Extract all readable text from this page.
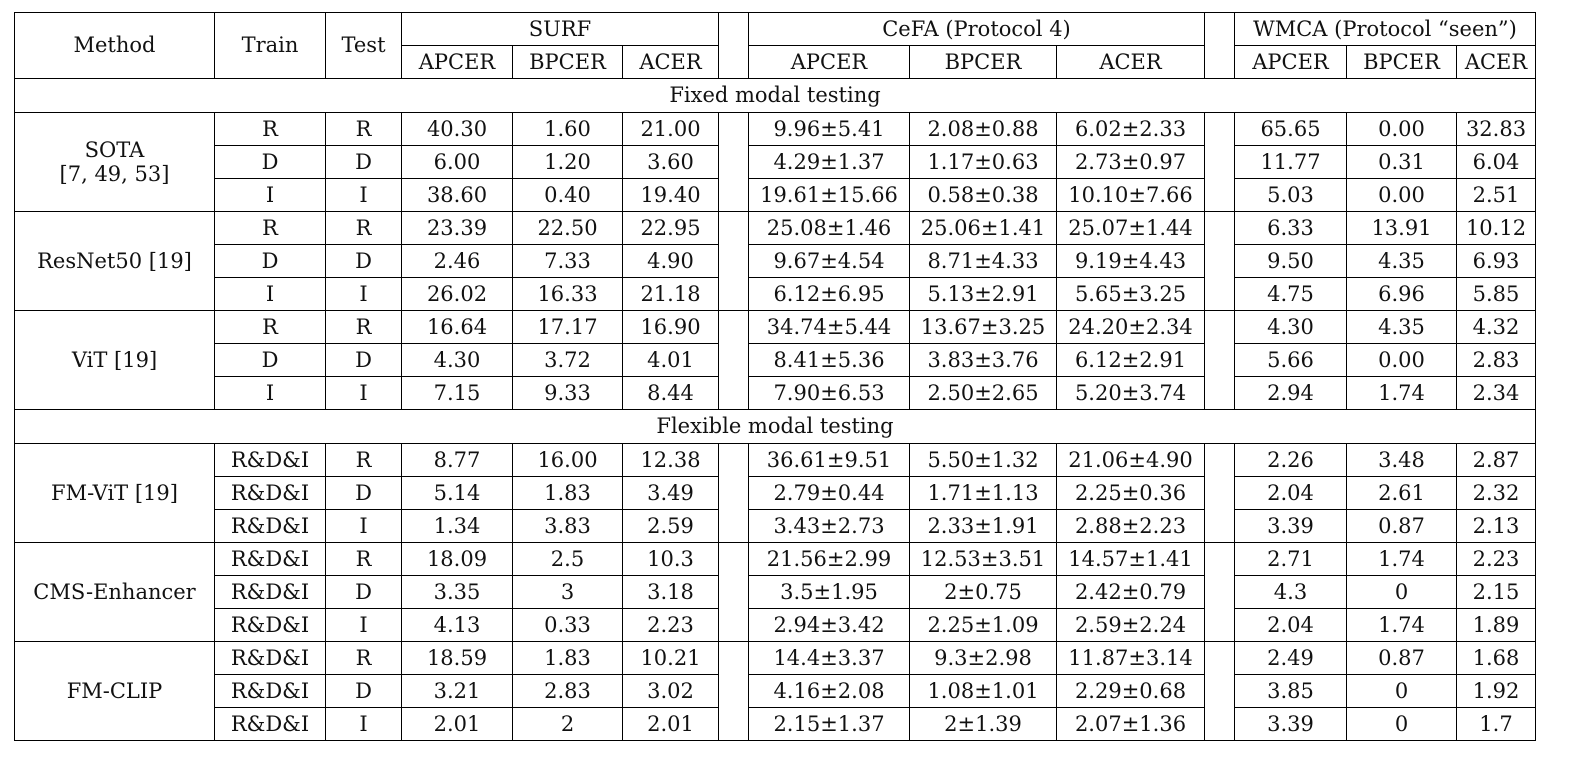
Method	Train	Test	SURF				CeFA (Protocol 4)				WMCA (Protocol “seen”)		
			APCER	BPCER	ACER		APCER	BPCER	ACER		APCER	BPCER	ACER
Fixed modal testing													

SOTA
[7, 49, 53]	R	R	40.30	1.60	21.00		9.96±5.41	2.08±0.88	6.02±2.33		65.65	0.00	32.83
	D	D	6.00	1.20	3.60		4.29±1.37	1.17±0.63	2.73±0.97		11.77	0.31	6.04
	I	I	38.60	0.40	19.40		19.61±15.66	0.58±0.38	10.10±7.66		5.03	0.00	2.51

ResNet50 [19]	R	R	23.39	22.50	22.95		25.08±1.46	25.06±1.41	25.07±1.44		6.33	13.91	10.12
	D	D	2.46	7.33	4.90		9.67±4.54	8.71±4.33	9.19±4.43		9.50	4.35	6.93
	I	I	26.02	16.33	21.18		6.12±6.95	5.13±2.91	5.65±3.25		4.75	6.96	5.85

ViT [19]	R	R	16.64	17.17	16.90		34.74±5.44	13.67±3.25	24.20±2.34		4.30	4.35	4.32
	D	D	4.30	3.72	4.01		8.41±5.36	3.83±3.76	6.12±2.91		5.66	0.00	2.83
	I	I	7.15	9.33	8.44		7.90±6.53	2.50±2.65	5.20±3.74		2.94	1.74	2.34
Flexible modal testing													

FM-ViT [19]	R&D&I	R	8.77	16.00	12.38		36.61±9.51	5.50±1.32	21.06±4.90		2.26	3.48	2.87
	R&D&I	D	5.14	1.83	3.49		2.79±0.44	1.71±1.13	2.25±0.36		2.04	2.61	2.32
	R&D&I	I	1.34	3.83	2.59		3.43±2.73	2.33±1.91	2.88±2.23		3.39	0.87	2.13

CMS-Enhancer	R&D&I	R	18.09	2.5	10.3		21.56±2.99	12.53±3.51	14.57±1.41		2.71	1.74	2.23
	R&D&I	D	3.35	3	3.18		3.5±1.95	2±0.75	2.42±0.79		4.3	0	2.15
	R&D&I	I	4.13	0.33	2.23		2.94±3.42	2.25±1.09	2.59±2.24		2.04	1.74	1.89

FM-CLIP	R&D&I	R	18.59	1.83	10.21		14.4±3.37	9.3±2.98	11.87±3.14		2.49	0.87	1.68
	R&D&I	D	3.21	2.83	3.02		4.16±2.08	1.08±1.01	2.29±0.68		3.85	0	1.92
	R&D&I	I	2.01	2	2.01		2.15±1.37	2±1.39	2.07±1.36		3.39	0	1.7
